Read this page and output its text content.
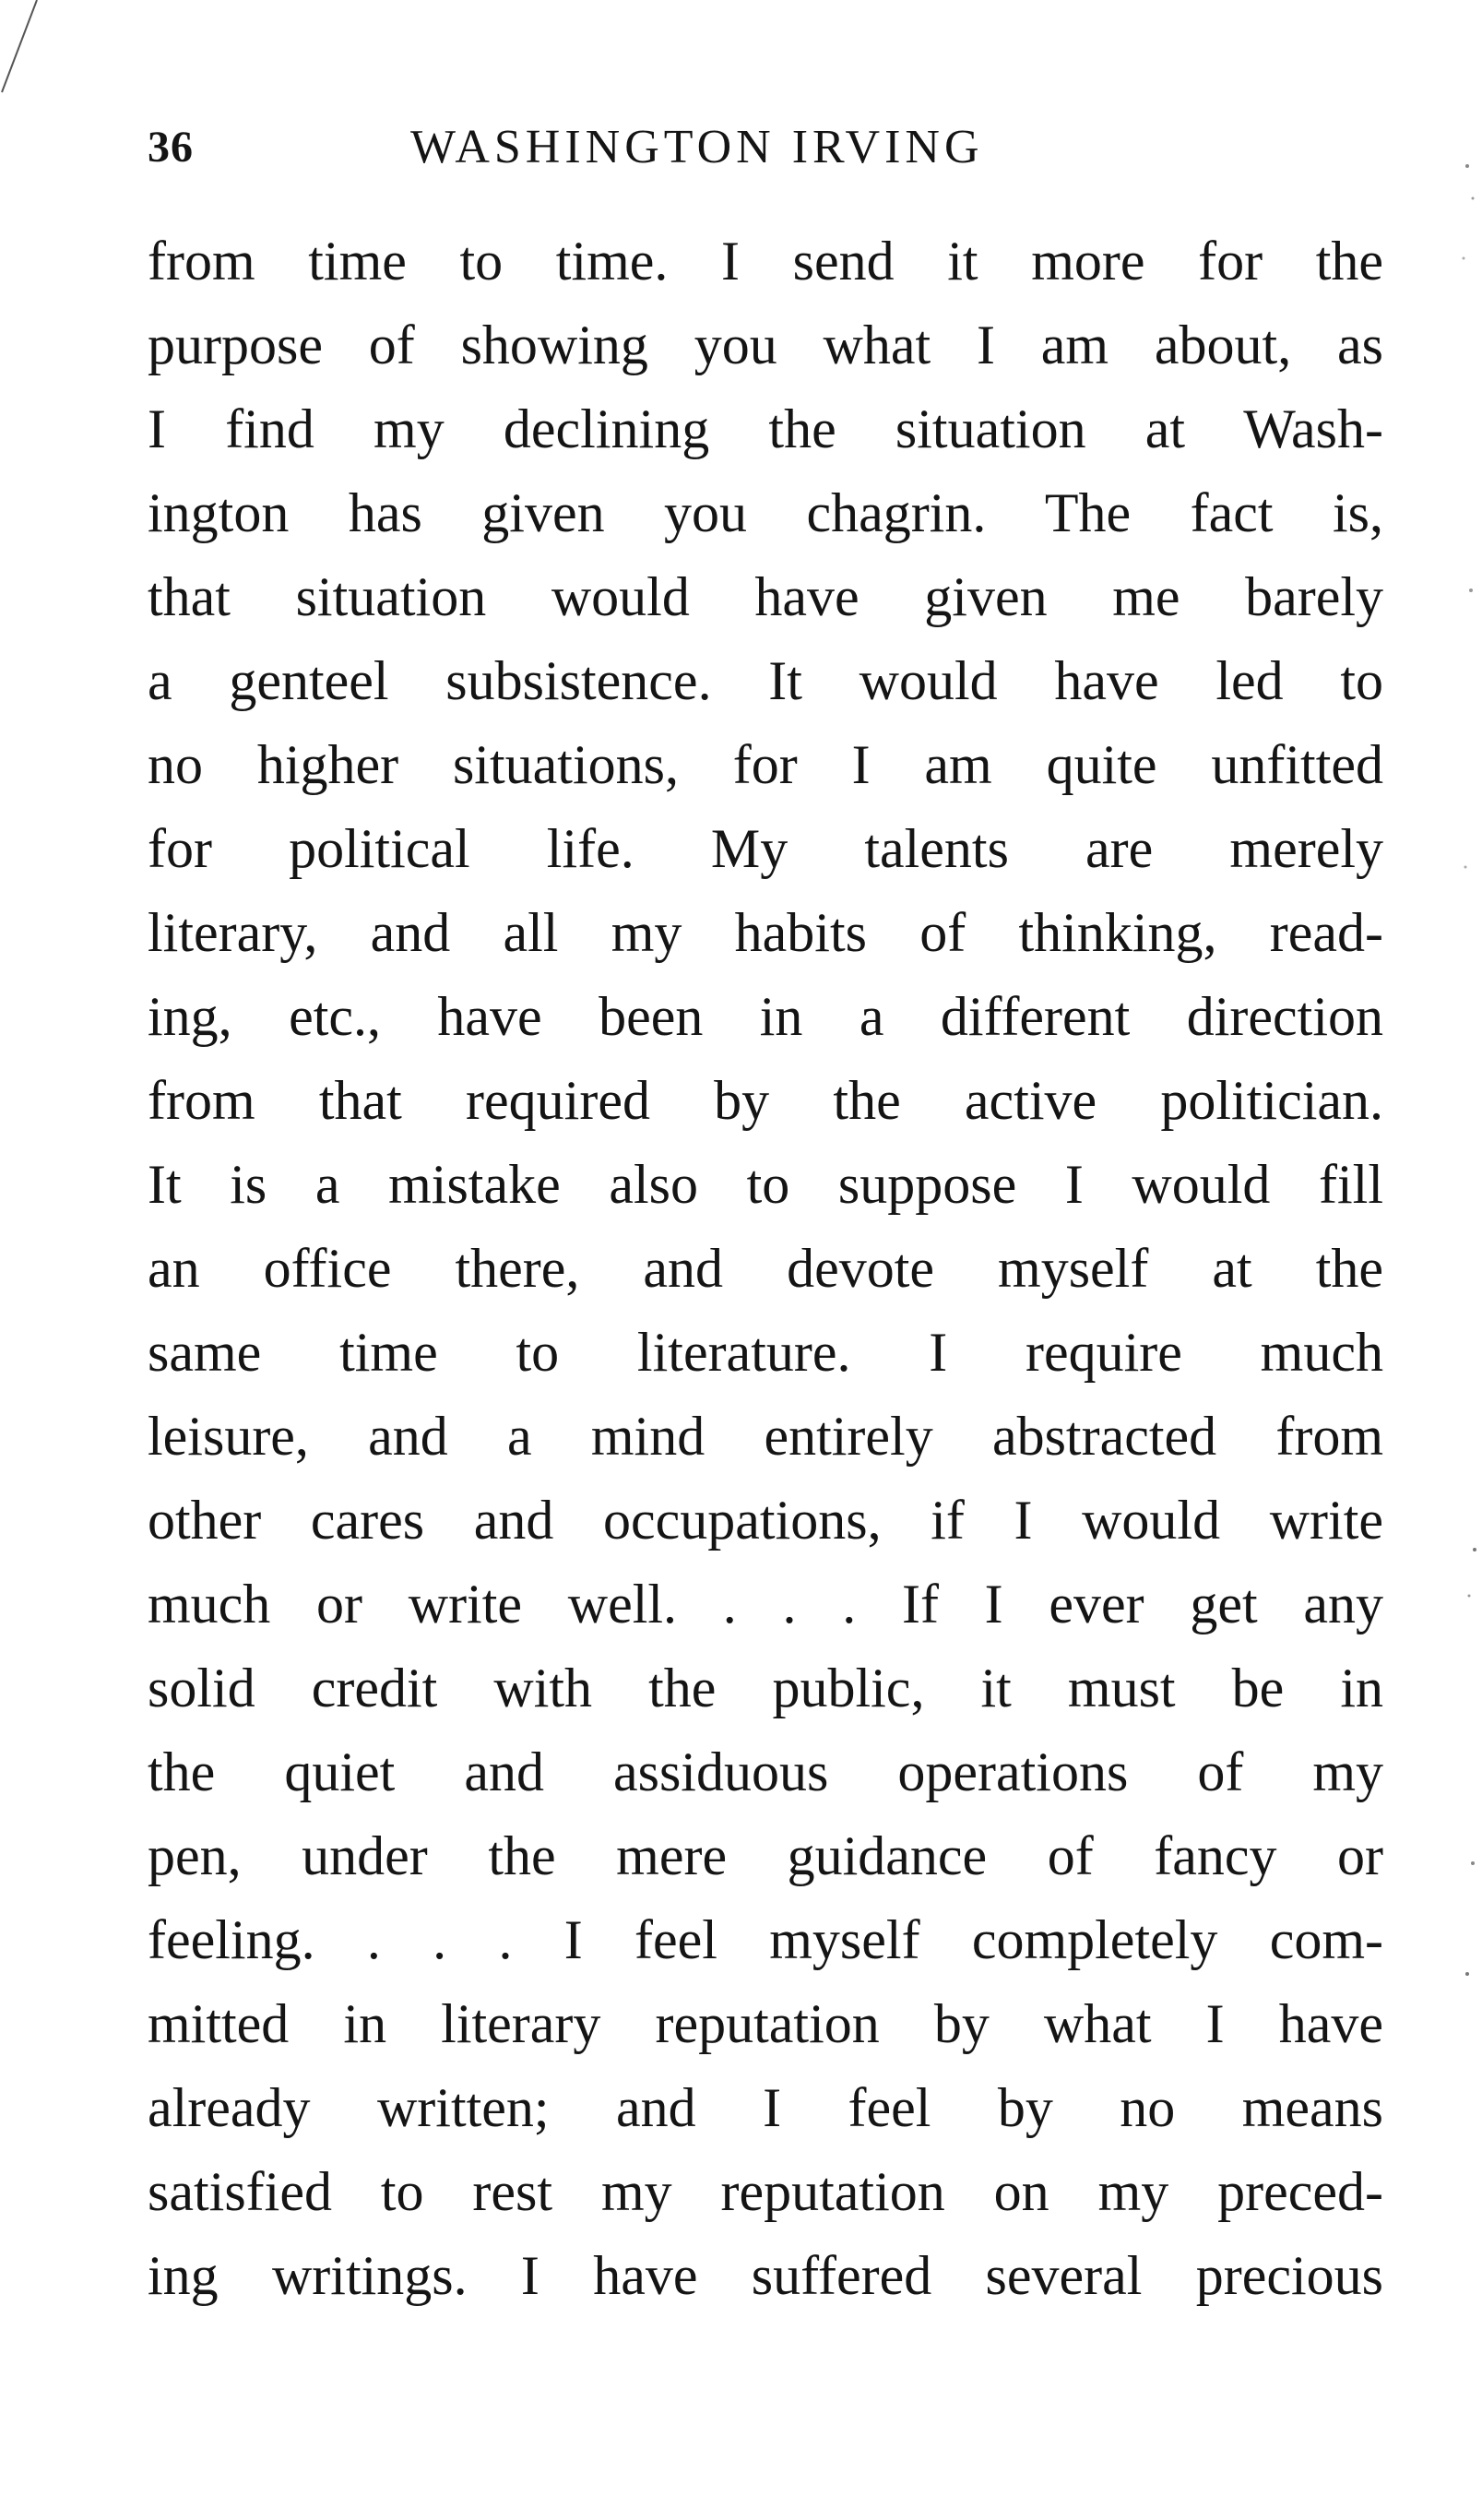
36	WASHINGTON IRVING
from time to time. I send it more for the
purpose of showing you what I am about, as
I find my declining the situation at Wash-
ington has given you chagrin. The fact is,
that situation would have given me barely
a genteel subsistence. It would have led to
no higher situations, for I am quite unfitted
for political life. My talents are merely
literary, and all my habits of thinking, read-
ing, etc., have been in a different direction
from that required by the active politician.
It is a mistake also to suppose I would fill
an office there, and devote myself at the
same time to literature. I require much
leisure, and a mind entirely abstracted from
other cares and occupations, if I would write
much or write well. . . . If I ever get any
solid credit with the public, it must be in
the quiet and assiduous operations of my
pen, under the mere guidance of fancy or
feeling. . . . I feel myself completely com-
mitted in literary reputation by what I have
already written; and I feel by no means
satisfied to rest my reputation on my preced-
ing writings. I have suffered several precious
